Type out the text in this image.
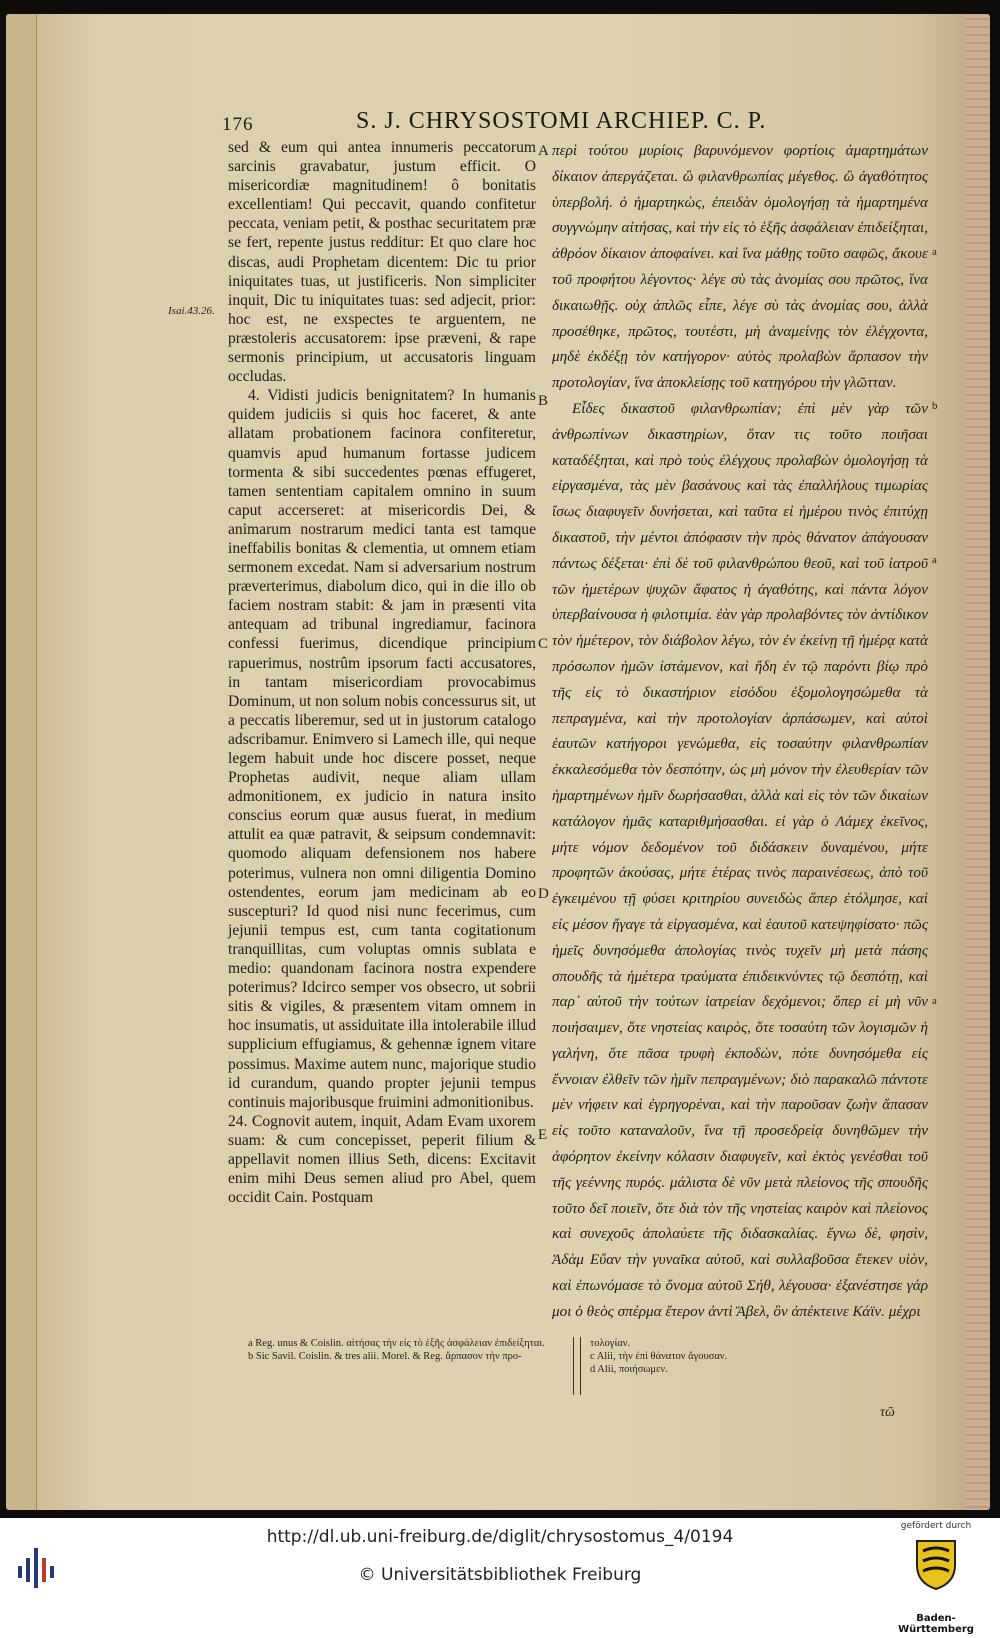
176	S. J. CHRYSOSTOMI ARCHIEP. C. P.
Isai.43.26.
A
B
C
D
E
a
b
a
a

sed & eum qui antea innumeris peccatorum sarcinis gravabatur, justum efficit. O misericordiæ magnitudinem! ô bonitatis excellentiam! Qui peccavit, quando confitetur peccata, veniam petit, & posthac securitatem præ se fert, repente justus redditur: Et quo clare hoc discas, audi Prophetam dicentem: Dic tu prior iniquitates tuas, ut justificeris. Non simpliciter inquit, Dic tu iniquitates tuas: sed adjecit, prior: hoc est, ne exspectes te arguentem, ne præstoleris accusatorem: ipse præveni, & rape sermonis principium, ut accusatoris linguam occludas.

4. Vidisti judicis benignitatem? In humanis quidem judiciis si quis hoc faceret, & ante allatam probationem facinora confiteretur, quamvis apud humanum fortasse judicem tormenta & sibi succedentes pœnas effugeret, tamen sententiam capitalem omnino in suum caput accerseret: at misericordis Dei, & animarum nostrarum medici tanta est tamque ineffabilis bonitas & clementia, ut omnem etiam sermonem excedat. Nam si adversarium nostrum præverterimus, diabolum dico, qui in die illo ob faciem nostram stabit: & jam in præsenti vita antequam ad tribunal ingrediamur, facinora confessi fuerimus, dicendique principium rapuerimus, nostrûm ipsorum facti accusatores, in tantam misericordiam provocabimus Dominum, ut non solum nobis concessurus sit, ut a peccatis liberemur, sed ut in justorum catalogo adscribamur. Enimvero si Lamech ille, qui neque legem habuit unde hoc discere posset, neque Prophetas audivit, neque aliam ullam admonitionem, ex judicio in natura insito conscius eorum quæ ausus fuerat, in medium attulit ea quæ patravit, & seipsum condemnavit: quomodo aliquam defensionem nos habere poterimus, vulnera non omni diligentia Domino ostendentes, eorum jam medicinam ab eo suscepturi? Id quod nisi nunc fecerimus, cum jejunii tempus est, cum tanta cogitationum tranquillitas, cum voluptas omnis sublata e medio: quandonam facinora nostra expendere poterimus? Idcirco semper vos obsecro, ut sobrii sitis & vigiles, & præsentem vitam omnem in hoc insumatis, ut assiduitate illa intolerabile illud supplicium effugiamus, & gehennæ ignem vitare possimus. Maxime autem nunc, majorique studio id curandum, quando propter jejunii tempus continuis majoribusque fruimini admonitionibus.

24. Cognovit autem, inquit, Adam Evam uxorem suam: & cum concepisset, peperit filium & appellavit nomen illius Seth, dicens: Excitavit enim mihi Deus semen aliud pro Abel, quem occidit Cain. Postquam

περὶ τούτου μυρίοις βαρυνόμενον φορτίοις ἁμαρτημάτων δίκαιον ἀπεργάζεται. ὢ φιλανθρωπίας μέγεθος. ὢ ἀγαθότητος ὑπερβολή. ὁ ἡμαρτηκὼς, ἐπειδὰν ὁμολογήσῃ τὰ ἡμαρτημένα συγγνώμην αἰτήσας, καὶ τὴν εἰς τὸ ἑξῆς ἀσφάλειαν ἐπιδείξηται, ἀθρόον δίκαιον ἀποφαίνει. καὶ ἵνα μάθῃς τοῦτο σαφῶς, ἄκουε τοῦ προφήτου λέγοντος· λέγε σὺ τὰς ἀνομίας σου πρῶτος, ἵνα δικαιωθῇς. οὐχ ἁπλῶς εἶπε, λέγε σὺ τὰς ἀνομίας σου, ἀλλὰ προσέθηκε, πρῶτος, τουτέστι, μὴ ἀναμείνῃς τὸν ἐλέγχοντα, μηδὲ ἐκδέξῃ τὸν κατήγορον· αὐτὸς προλαβὼν ἅρπασον τὴν προτολογίαν, ἵνα ἀποκλείσῃς τοῦ κατηγόρου τὴν γλῶτταν.

Εἶδες δικαστοῦ φιλανθρωπίαν; ἐπὶ μὲν γὰρ τῶν ἀνθρωπίνων δικαστηρίων, ὅταν τις τοῦτο ποιῆσαι καταδέξηται, καὶ πρὸ τοὺς ἐλέγχους προλαβὼν ὁμολογήσῃ τὰ εἰργασμένα, τὰς μὲν βασάνους καὶ τὰς ἐπαλλήλους τιμωρίας ἴσως διαφυγεῖν δυνήσεται, καὶ ταῦτα εἰ ἡμέρου τινὸς ἐπιτύχῃ δικαστοῦ, τὴν μέντοι ἀπόφασιν τὴν πρὸς θάνατον ἀπάγουσαν πάντως δέξεται· ἐπὶ δὲ τοῦ φιλανθρώπου θεοῦ, καὶ τοῦ ἰατροῦ τῶν ἡμετέρων ψυχῶν ἄφατος ἡ ἀγαθότης, καὶ πάντα λόγον ὑπερβαίνουσα ἡ φιλοτιμία. ἐὰν γὰρ προλαβόντες τὸν ἀντίδικον τὸν ἡμέτερον, τὸν διάβολον λέγω, τὸν ἐν ἐκείνῃ τῇ ἡμέρᾳ κατὰ πρόσωπον ἡμῶν ἱστάμενον, καὶ ἤδη ἐν τῷ παρόντι βίῳ πρὸ τῆς εἰς τὸ δικαστήριον εἰσόδου ἐξομολογησώμεθα τὰ πεπραγμένα, καὶ τὴν προτολογίαν ἁρπάσωμεν, καὶ αὐτοὶ ἑαυτῶν κατήγοροι γενώμεθα, εἰς τοσαύτην φιλανθρωπίαν ἐκκαλεσόμεθα τὸν δεσπότην, ὡς μὴ μόνον τὴν ἐλευθερίαν τῶν ἡμαρτημένων ἡμῖν δωρήσασθαι, ἀλλὰ καὶ εἰς τὸν τῶν δικαίων κατάλογον ἡμᾶς καταριθμήσασθαι. εἰ γὰρ ὁ Λάμεχ ἐκεῖνος, μήτε νόμον δεδομένον τοῦ διδάσκειν δυναμένου, μήτε προφητῶν ἀκούσας, μήτε ἑτέρας τινὸς παραινέσεως, ἀπὸ τοῦ ἐγκειμένου τῇ φύσει κριτηρίου συνειδὼς ἅπερ ἐτόλμησε, καὶ εἰς μέσον ἤγαγε τὰ εἰργασμένα, καὶ ἑαυτοῦ κατεψηφίσατο· πῶς ἡμεῖς δυνησόμεθα ἀπολογίας τινὸς τυχεῖν μὴ μετὰ πάσης σπουδῆς τὰ ἡμέτερα τραύματα ἐπιδεικνύντες τῷ δεσπότῃ, καὶ παρ᾽ αὐτοῦ τὴν τούτων ἰατρείαν δεχόμενοι; ὅπερ εἰ μὴ νῦν ποιήσαιμεν, ὅτε νηστείας καιρὸς, ὅτε τοσαύτη τῶν λογισμῶν ἡ γαλήνη, ὅτε πᾶσα τρυφὴ ἐκποδὼν, πότε δυνησόμεθα εἰς ἔννοιαν ἐλθεῖν τῶν ἡμῖν πεπραγμένων; διὸ παρακαλῶ πάντοτε μὲν νήφειν καὶ ἐγρηγορέναι, καὶ τὴν παροῦσαν ζωὴν ἅπασαν εἰς τοῦτο καταναλοῦν, ἵνα τῇ προσεδρείᾳ δυνηθῶμεν τὴν ἀφόρητον ἐκείνην κόλασιν διαφυγεῖν, καὶ ἐκτὸς γενέσθαι τοῦ τῆς γεέννης πυρός. μάλιστα δὲ νῦν μετὰ πλείονος τῆς σπουδῆς τοῦτο δεῖ ποιεῖν, ὅτε διὰ τὸν τῆς νηστείας καιρὸν καὶ πλείονος καὶ συνεχοῦς ἀπολαύετε τῆς διδασκαλίας. ἔγνω δὲ, φησὶν, Ἀδὰμ Εὔαν τὴν γυναῖκα αὐτοῦ, καὶ συλλαβοῦσα ἔτεκεν υἱὸν, καὶ ἐπωνόμασε τὸ ὄνομα αὐτοῦ Σήθ, λέγουσα· ἐξανέστησε γάρ μοι ὁ θεὸς σπέρμα ἕτερον ἀντὶ Ἄβελ, ὃν ἀπέκτεινε Κάϊν. μέχρι

a Reg. unus & Coislin. αἰτήσας τὴν εἰς τὸ ἑξῆς ἀσφάλειαν ἐπιδείξηται.
b Sic Savil. Coislin. & tres alii. Morel. & Reg. ἅρπασον τὴν προ-
τολογίαν.
c Alii, τὴν ἐπὶ θάνατον ἄγουσαν.
d Alii, ποιήσωμεν.
τῶ
http://dl.ub.uni-freiburg.de/diglit/chrysostomus_4/0194
© Universitätsbibliothek Freiburg
gefördert durch
Baden-Württemberg
